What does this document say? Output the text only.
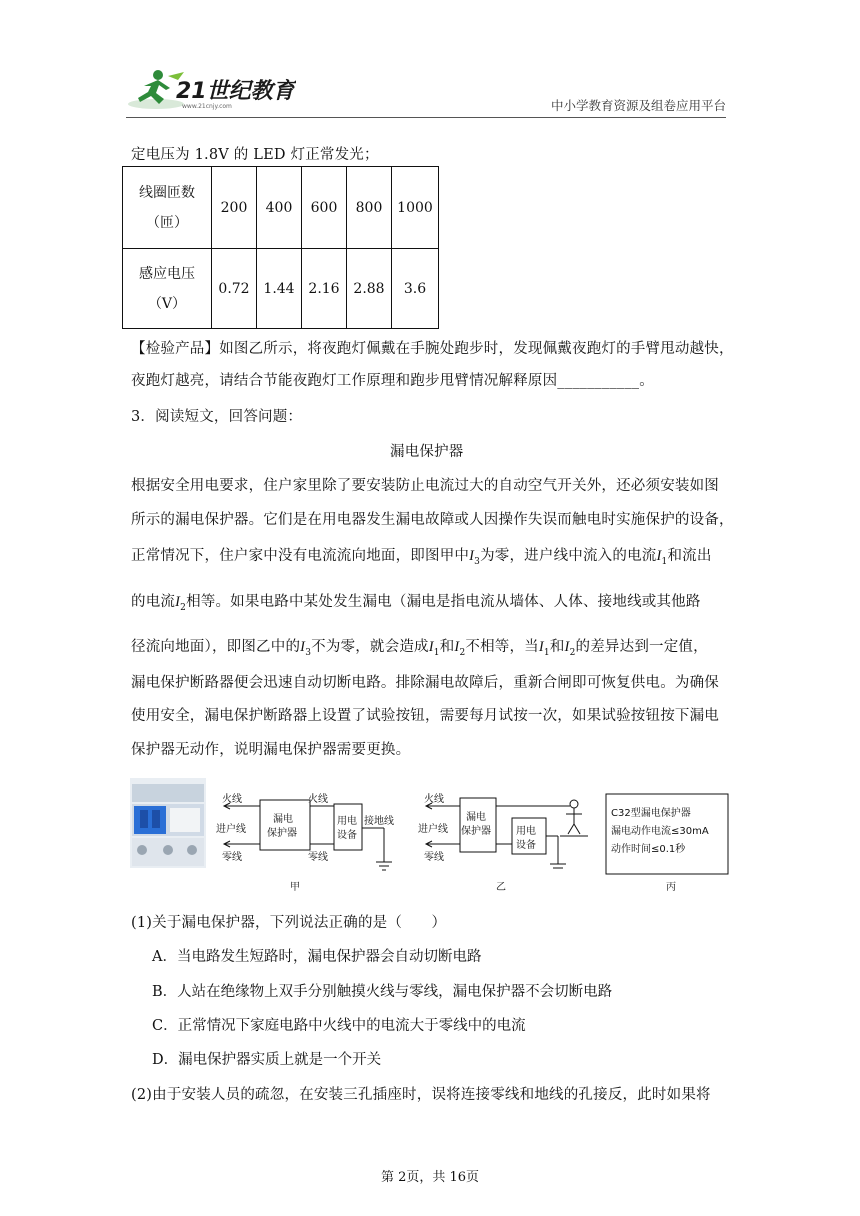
21世纪教育
www.21cnjy.com	中小学教育资源及组卷应用平台
定电压为 1.8V 的 LED 灯正常发光；
线圈匝数
（匝）	200	400	600	800	1000

感应电压
（V）	0.72	1.44	2.16	2.88	3.6
【检验产品】如图乙所示，将夜跑灯佩戴在手腕处跑步时，发现佩戴夜跑灯的手臂甩动越快，
夜跑灯越亮，请结合节能夜跑灯工作原理和跑步甩臂情况解释原因___________。
3．阅读短文，回答问题：
漏电保护器
根据安全用电要求，住户家里除了要安装防止电流过大的自动空气开关外，还必须安装如图
所示的漏电保护器。它们是在用电器发生漏电故障或人因操作失误而触电时实施保护的设备，
正常情况下，住户家中没有电流流向地面，即图甲中$I_3$为零，进户线中流入的电流$I_1$和流出
的电流$I_2$相等。如果电路中某处发生漏电（漏电是指电流从墙体、人体、接地线或其他路
径流向地面），即图乙中的$I_3$不为零，就会造成$I_1$和$I_2$不相等，当$I_1$和$I_2$的差异达到一定值，
漏电保护断路器便会迅速自动切断电路。排除漏电故障后，重新合闸即可恢复供电。为确保
使用安全，漏电保护断路器上设置了试验按钮，需要每月试按一次，如果试验按钮按下漏电
保护器无动作，说明漏电保护器需要更换。
火线
进户线
零线
漏电
保护器
火线
零线
用电
设备
接地线
甲
火线
进户线
零线
漏电
保护器	用电
设备
乙
C32型漏电保护器
漏电动作电流≤30mA
动作时间≤0.1秒
丙
(1)关于漏电保护器，下列说法正确的是（　　）
A．当电路发生短路时，漏电保护器会自动切断电路
B．人站在绝缘物上双手分别触摸火线与零线，漏电保护器不会切断电路
C．正常情况下家庭电路中火线中的电流大于零线中的电流
D．漏电保护器实质上就是一个开关
(2)由于安装人员的疏忽，在安装三孔插座时，误将连接零线和地线的孔接反，此时如果将
第 2页，共 16页
